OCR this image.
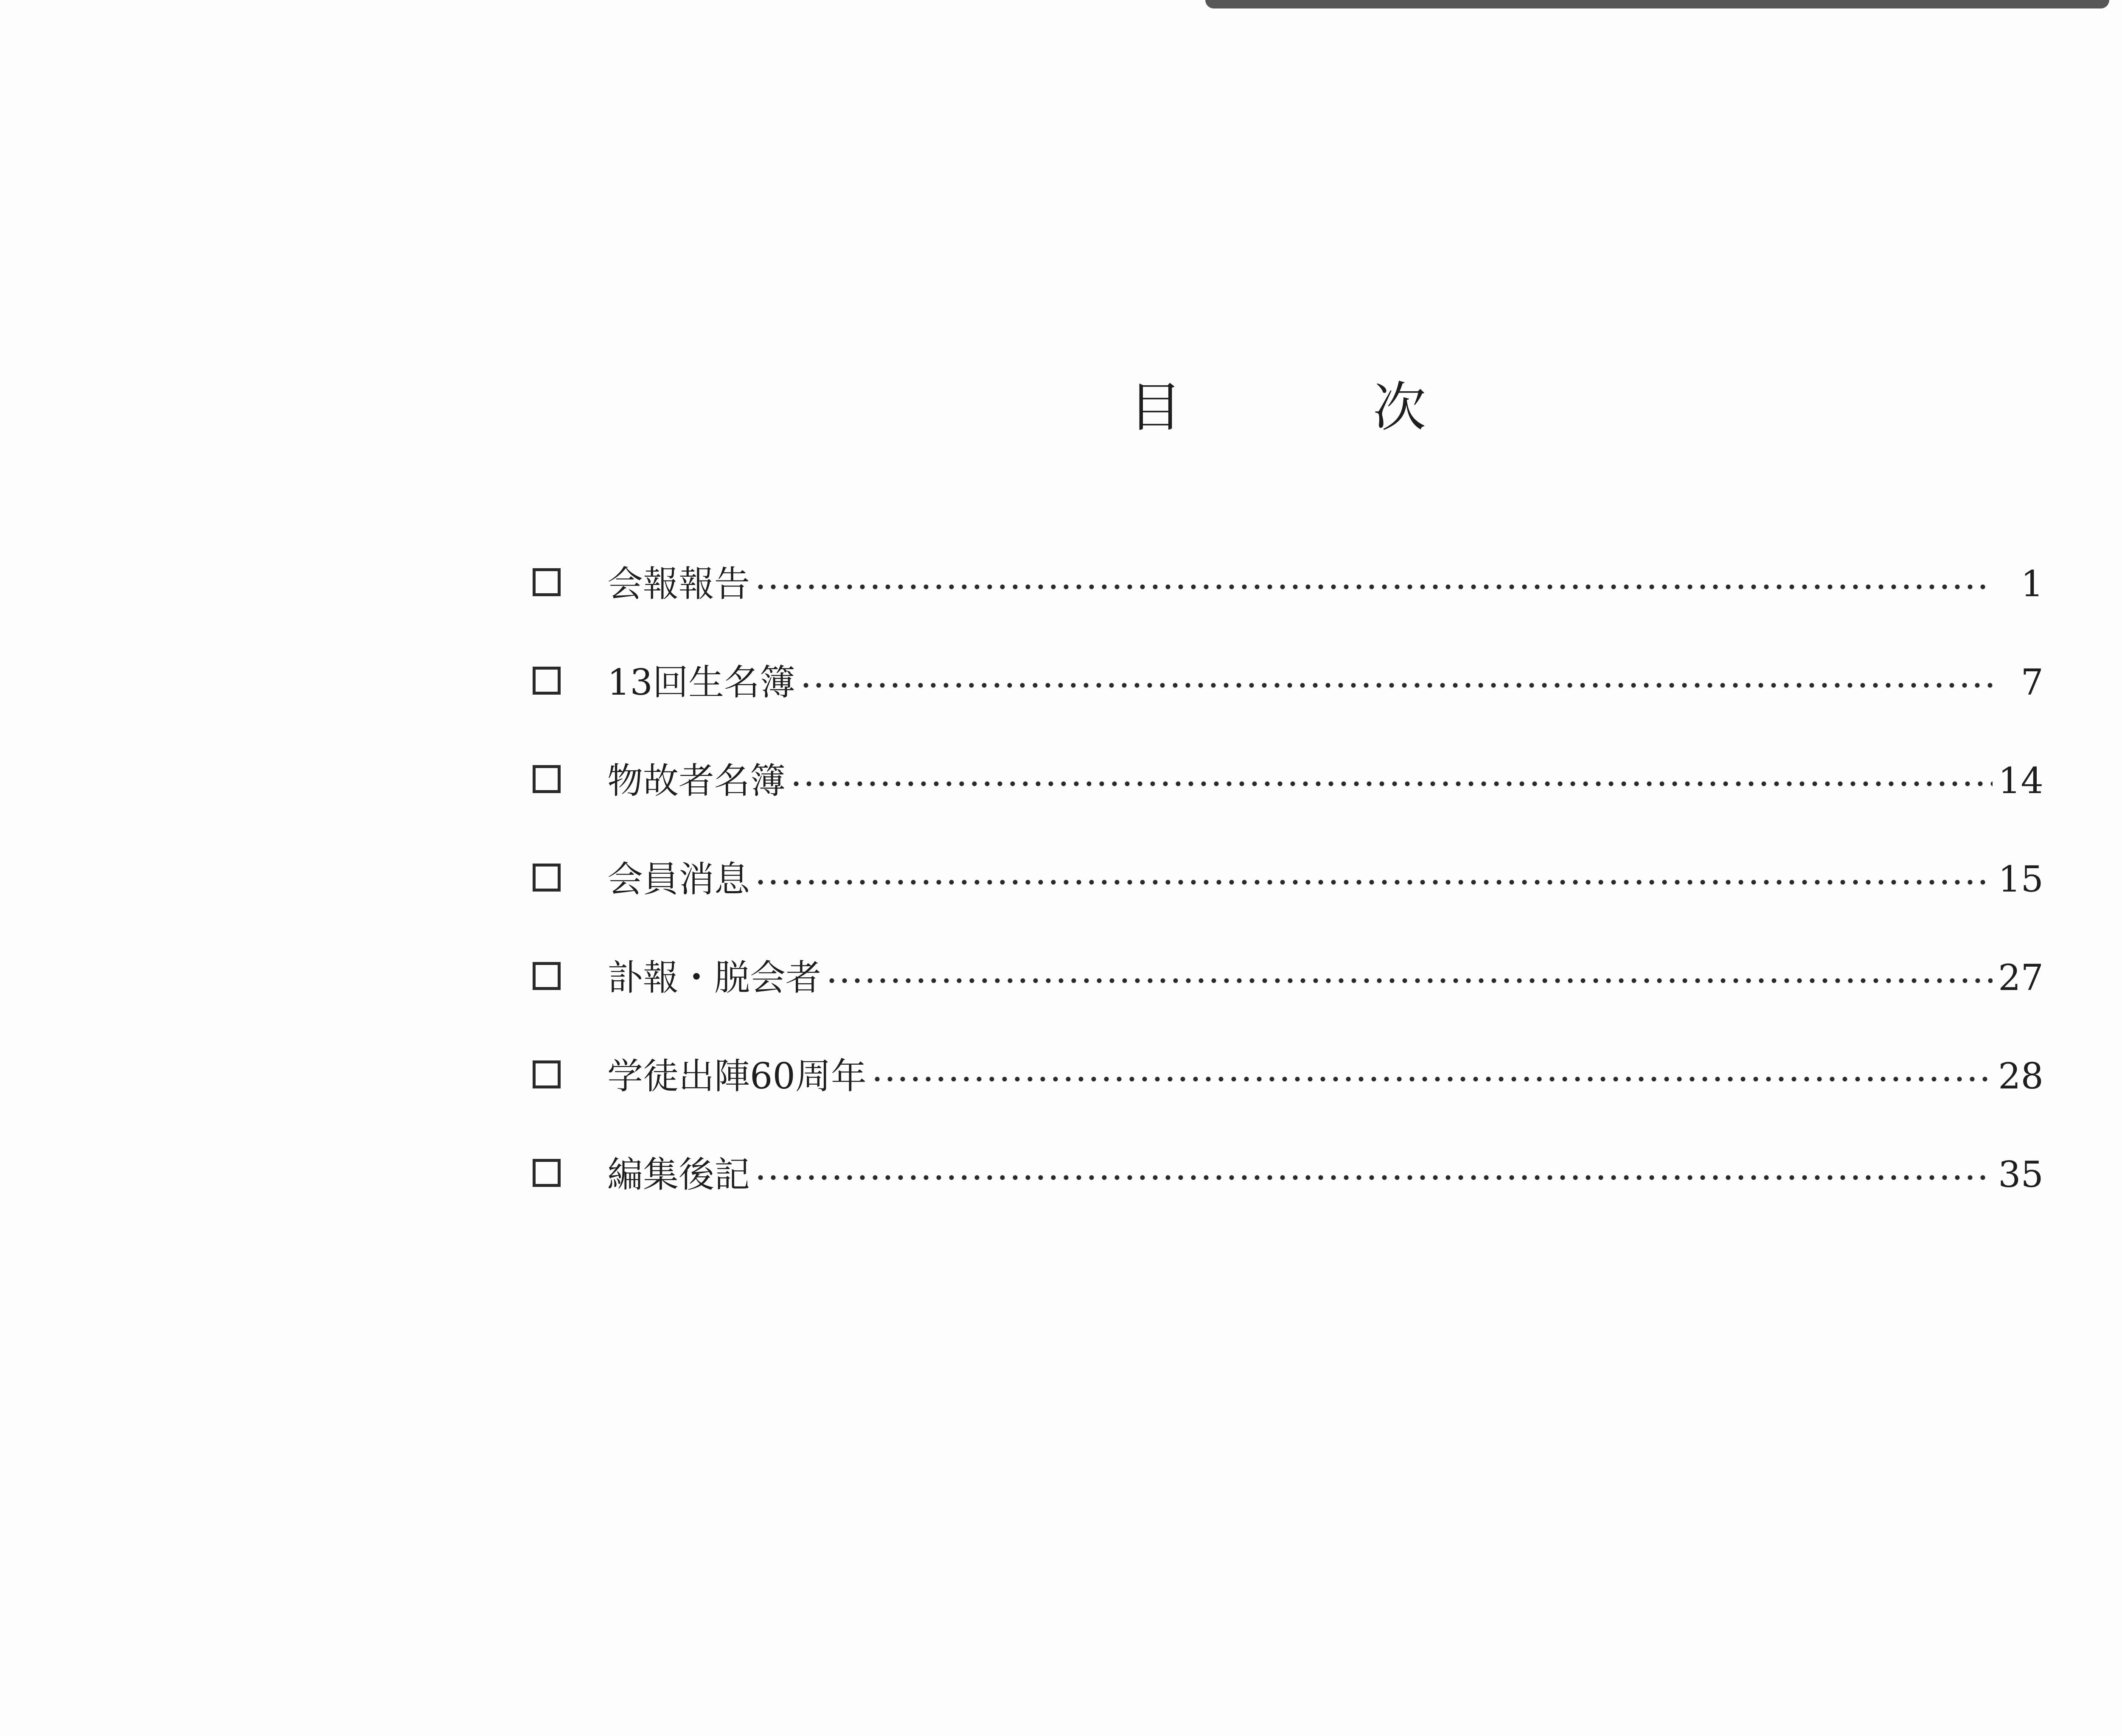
目	次
会報報告	1
13回生名簿	7
物故者名簿	14
会員消息	15
訃報・脱会者	27
学徒出陣60周年	28
編集後記	35
